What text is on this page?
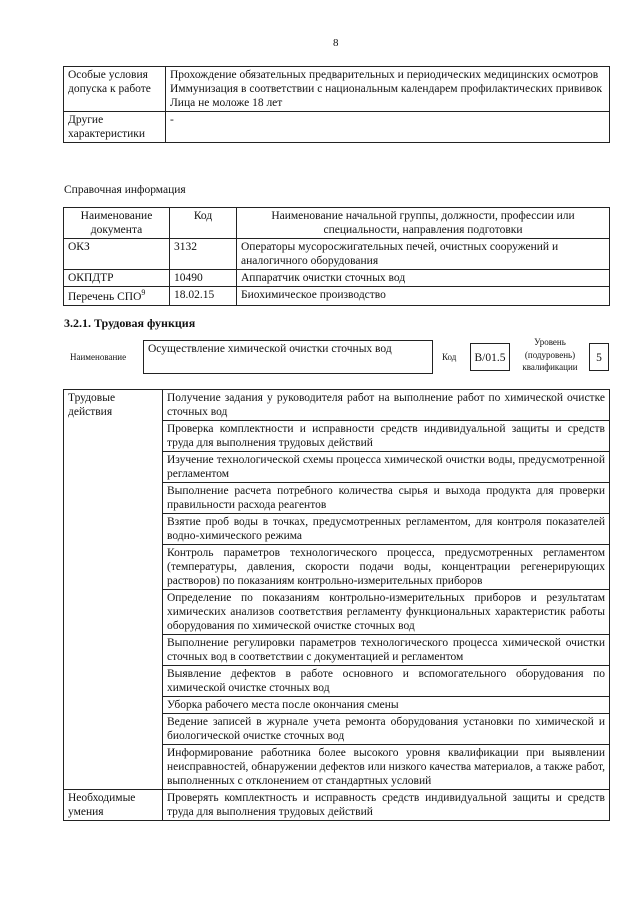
8
Особые условия допуска к работе	Прохождение обязательных предварительных и периодических медицинских осмотров
Иммунизация в соответствии с национальным календарем профилактических прививок
Лица не моложе 18 лет

Другие характеристики	-
Справочная информация
Наименование документа	Код	Наименование начальной группы, должности, профессии или специальности, направления подготовки
ОКЗ	3132	Операторы мусоросжигательных печей, очистных сооружений и аналогичного оборудования
ОКПДТР	10490	Аппаратчик очистки сточных вод
Перечень СПО$^9$	18.02.15	Биохимическое производство
3.2.1. Трудовая функция
Наименование
Осуществление химической очистки сточных вод
Код	B/01.5
Уровень (подуровень) квалификации
5
Трудовые действия	Получение задания у руководителя работ на выполнение работ по химической очистке сточных вод
	Проверка комплектности и исправности средств индивидуальной защиты и средств труда для выполнения трудовых действий
	Изучение технологической схемы процесса химической очистки воды, предусмотренной регламентом
	Выполнение расчета потребного количества сырья и выхода продукта для проверки правильности расхода реагентов
	Взятие проб воды в точках, предусмотренных регламентом, для контроля показателей водно-химического режима
	Контроль параметров технологического процесса, предусмотренных регламентом (температуры, давления, скорости подачи воды, концентрации регенерирующих растворов) по показаниям контрольно-измерительных приборов
	Определение по показаниям контрольно-измерительных приборов и результатам химических анализов соответствия регламенту функциональных характеристик работы оборудования по химической очистке сточных вод
	Выполнение регулировки параметров технологического процесса химической очистки сточных вод в соответствии с документацией и регламентом
	Выявление дефектов в работе основного и вспомогательного оборудования по химической очистке сточных вод
	Уборка рабочего места после окончания смены
	Ведение записей в журнале учета ремонта оборудования установки по химической и биологической очистке сточных вод
	Информирование работника более высокого уровня квалификации при выявлении неисправностей, обнаружении дефектов или низкого качества материалов, а также работ, выполненных с отклонением от стандартных условий
Необходимые умения	Проверять комплектность и исправность средств индивидуальной защиты и средств труда для выполнения трудовых действий
